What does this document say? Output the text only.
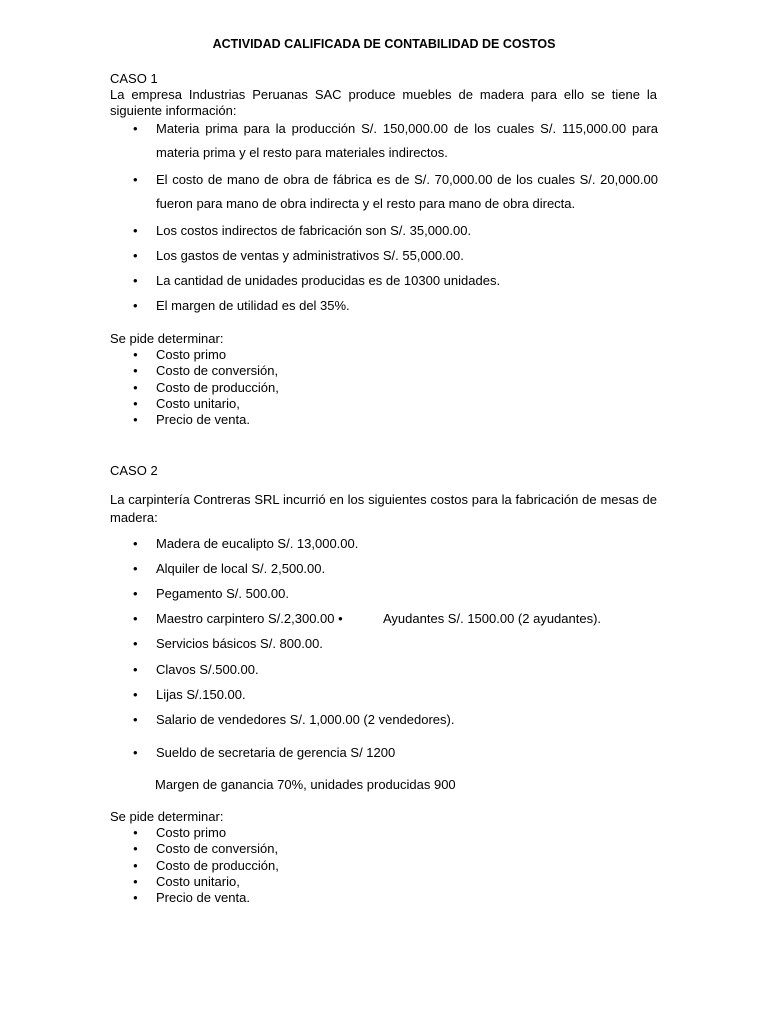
ACTIVIDAD CALIFICADA DE CONTABILIDAD DE COSTOS
CASO 1
La empresa Industrias Peruanas SAC produce muebles de madera para ello se tiene la siguiente información:
•
Materia prima para la producción S/. 150,000.00 de los cuales S/. 115,000.00 para materia prima y el resto para materiales indirectos.
•
El costo de mano de obra de fábrica es de S/. 70,000.00 de los cuales S/. 20,000.00 fueron para mano de obra indirecta y el resto para mano de obra directa.
•
Los costos indirectos de fabricación son S/. 35,000.00.
•
Los gastos de ventas y administrativos S/. 55,000.00.
•
La cantidad de unidades producidas es de 10300 unidades.
•
El margen de utilidad es del 35%.
Se pide determinar:
●
Costo primo
●
Costo de conversión,
●
Costo de producción,
●
Costo unitario,
●
Precio de venta.
CASO 2
La carpintería Contreras SRL incurrió en los siguientes costos para la fabricación de mesas de madera:
•
Madera de eucalipto S/. 13,000.00.
•
Alquiler de local S/. 2,500.00.
•
Pegamento S/. 500.00.
•
Maestro carpintero S/.2,300.00 •	Ayudantes S/. 1500.00 (2 ayudantes).
•
Servicios básicos S/. 800.00.
•
Clavos S/.500.00.
•
Lijas S/.150.00.
•
Salario de vendedores S/. 1,000.00 (2 vendedores).
•
Sueldo de secretaria de gerencia S/ 1200
Margen de ganancia 70%, unidades producidas 900
Se pide determinar:
●
Costo primo
●
Costo de conversión,
●
Costo de producción,
●
Costo unitario,
●
Precio de venta.
